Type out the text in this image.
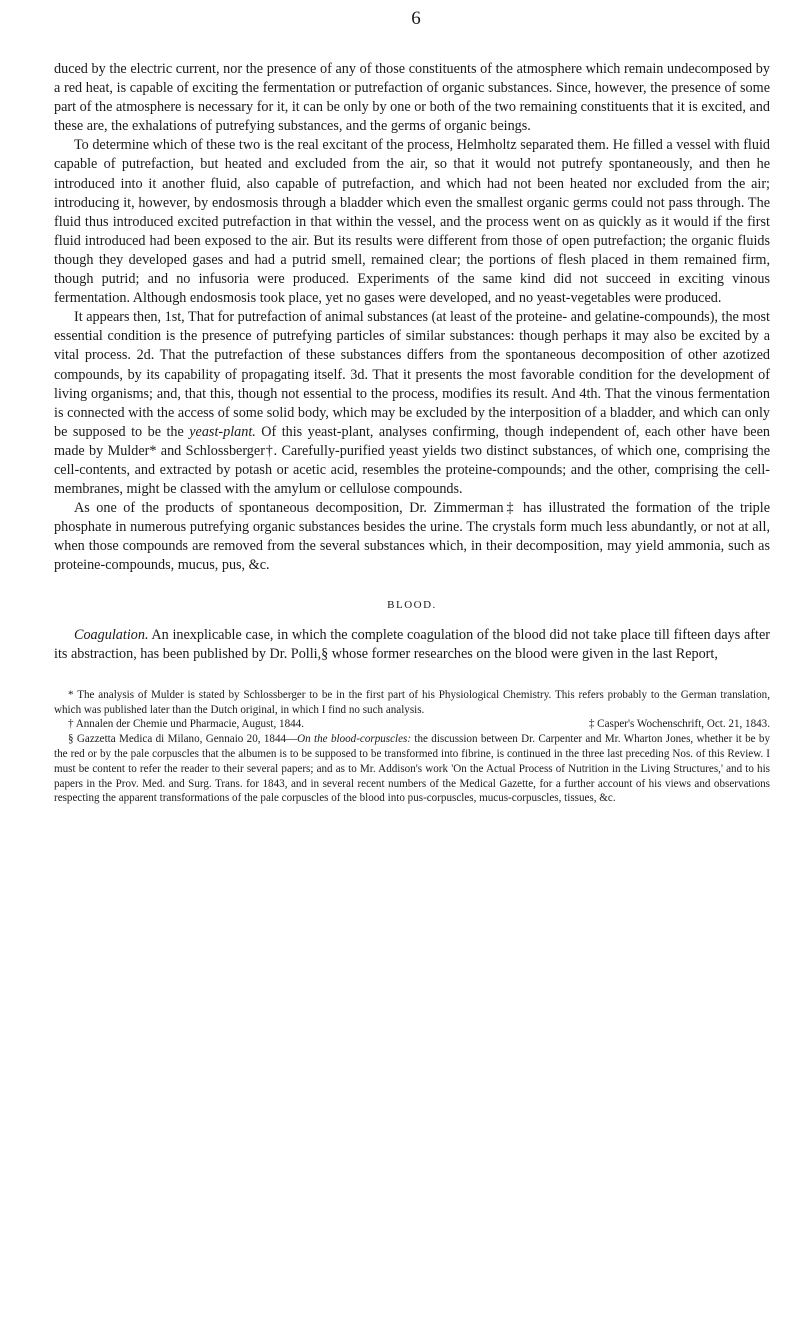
6

duced by the electric current, nor the presence of any of those constituents of the atmosphere which remain undecomposed by a red heat, is capable of exciting the fermentation or putrefaction of organic substances. Since, however, the presence of some part of the atmosphere is necessary for it, it can be only by one or both of the two remaining constituents that it is excited, and these are, the exhalations of putrefying substances, and the germs of organic beings.

To determine which of these two is the real excitant of the process, Helmholtz separated them. He filled a vessel with fluid capable of putrefaction, but heated and excluded from the air, so that it would not putrefy spontaneously, and then he introduced into it another fluid, also capable of putrefaction, and which had not been heated nor excluded from the air; introducing it, however, by endosmosis through a bladder which even the smallest organic germs could not pass through. The fluid thus introduced excited putrefaction in that within the vessel, and the process went on as quickly as it would if the first fluid introduced had been exposed to the air. But its results were different from those of open putrefaction; the organic fluids though they developed gases and had a putrid smell, remained clear; the portions of flesh placed in them remained firm, though putrid; and no infusoria were produced. Experiments of the same kind did not succeed in exciting vinous fermentation. Although endosmosis took place, yet no gases were developed, and no yeast-vegetables were produced.

It appears then, 1st, That for putrefaction of animal substances (at least of the proteine- and gelatine-compounds), the most essential condition is the presence of putrefying particles of similar substances: though perhaps it may also be excited by a vital process. 2d. That the putrefaction of these substances differs from the spontaneous decomposition of other azotized compounds, by its capability of propagating itself. 3d. That it presents the most favorable condition for the development of living organisms; and, that this, though not essential to the process, modifies its result. And 4th. That the vinous fermentation is connected with the access of some solid body, which may be excluded by the interposition of a bladder, and which can only be supposed to be the yeast-plant. Of this yeast-plant, analyses confirming, though independent of, each other have been made by Mulder* and Schlossberger†. Carefully-purified yeast yields two distinct substances, of which one, comprising the cell-contents, and extracted by potash or acetic acid, resembles the proteine-compounds; and the other, comprising the cell-membranes, might be classed with the amylum or cellulose compounds.

As one of the products of spontaneous decomposition, Dr. Zimmerman‡ has illustrated the formation of the triple phosphate in numerous putrefying organic substances besides the urine. The crystals form much less abundantly, or not at all, when those compounds are removed from the several substances which, in their decomposition, may yield ammonia, such as proteine-compounds, mucus, pus, &c.

BLOOD.

Coagulation. An inexplicable case, in which the complete coagulation of the blood did not take place till fifteen days after its abstraction, has been published by Dr. Polli,§ whose former researches on the blood were given in the last Report,

* The analysis of Mulder is stated by Schlossberger to be in the first part of his Physiological Chemistry. This refers probably to the German translation, which was published later than the Dutch original, in which I find no such analysis.

† Annalen der Chemie und Pharmacie, August, 1844.	‡ Casper's Wochenschrift, Oct. 21, 1843.

§ Gazzetta Medica di Milano, Gennaio 20, 1844—On the blood-corpuscles: the discussion between Dr. Carpenter and Mr. Wharton Jones, whether it be by the red or by the pale corpuscles that the albumen is to be supposed to be transformed into fibrine, is continued in the three last preceding Nos. of this Review. I must be content to refer the reader to their several papers; and as to Mr. Addison's work 'On the Actual Process of Nutrition in the Living Structures,' and to his papers in the Prov. Med. and Surg. Trans. for 1843, and in several recent numbers of the Medical Gazette, for a further account of his views and observations respecting the apparent transformations of the pale corpuscles of the blood into pus-corpuscles, mucus-corpuscles, tissues, &c.
